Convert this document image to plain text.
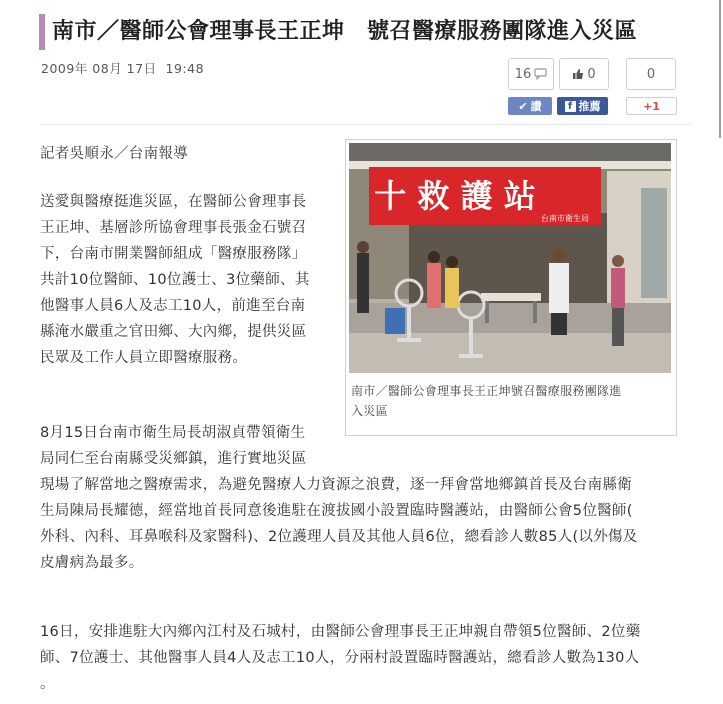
南市／醫師公會理事長王正坤　號召醫療服務團隊進入災區
2009年 08月 17日  19:48	16	0	0
✔ 讚	f 推薦	+1

記者吳順永／台南報導

送愛與醫療挺進災區，在醫師公會理事長
王正坤、基層診所協會理事長張金石號召
下，台南市開業醫師組成「醫療服務隊」
共計10位醫師、10位護士、3位藥師、其
他醫事人員6人及志工10人，前進至台南
縣淹水嚴重之官田鄉、大內鄉，提供災區
民眾及工作人員立即醫療服務。

8月15日台南市衛生局長胡淑貞帶領衛生
局同仁至台南縣受災鄉鎮，進行實地災區
現場了解當地之醫療需求，為避免醫療人力資源之浪費，逐一拜會當地鄉鎮首長及台南縣衛
生局陳局長耀德，經當地首長同意後進駐在渡拔國小設置臨時醫護站，由醫師公會5位醫師(
外科、內科、耳鼻喉科及家醫科)、2位護理人員及其他人員6位，總看診人數85人(以外傷及
皮膚病為最多。

16日，安排進駐大內鄉內江村及石城村，由醫師公會理事長王正坤親自帶領5位醫師、2位藥
師、7位護士、其他醫事人員4人及志工10人，分兩村設置臨時醫護站，總看診人數為130人
。

十 救 護 站
台南市衛生局
南市／醫師公會理事長王正坤號召醫療服務團隊進
入災區
